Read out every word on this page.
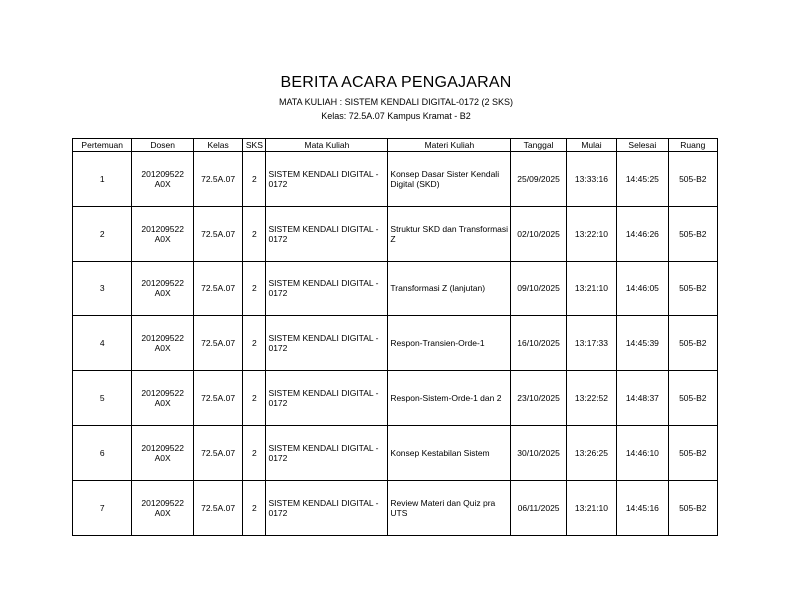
BERITA ACARA PENGAJARAN
MATA KULIAH : SISTEM KENDALI DIGITAL-0172 (2 SKS)
Kelas: 72.5A.07 Kampus Kramat - B2
Pertemuan	Dosen	Kelas	SKS	Mata Kuliah	Materi Kuliah	Tanggal	Mulai	Selesai	Ruang
1	201209522 A0X	72.5A.07	2	SISTEM KENDALI DIGITAL - 0172	Konsep Dasar Sister Kendali Digital (SKD)	25/09/2025	13:33:16	14:45:25	505-B2
2	201209522 A0X	72.5A.07	2	SISTEM KENDALI DIGITAL - 0172	Struktur SKD dan Transformasi Z	02/10/2025	13:22:10	14:46:26	505-B2
3	201209522 A0X	72.5A.07	2	SISTEM KENDALI DIGITAL - 0172	Transformasi Z (lanjutan)	09/10/2025	13:21:10	14:46:05	505-B2
4	201209522 A0X	72.5A.07	2	SISTEM KENDALI DIGITAL - 0172	Respon-Transien-Orde-1	16/10/2025	13:17:33	14:45:39	505-B2
5	201209522 A0X	72.5A.07	2	SISTEM KENDALI DIGITAL - 0172	Respon-Sistem-Orde-1 dan 2	23/10/2025	13:22:52	14:48:37	505-B2
6	201209522 A0X	72.5A.07	2	SISTEM KENDALI DIGITAL - 0172	Konsep Kestabilan Sistem	30/10/2025	13:26:25	14:46:10	505-B2
7	201209522 A0X	72.5A.07	2	SISTEM KENDALI DIGITAL - 0172	Review Materi dan Quiz pra UTS	06/11/2025	13:21:10	14:45:16	505-B2
